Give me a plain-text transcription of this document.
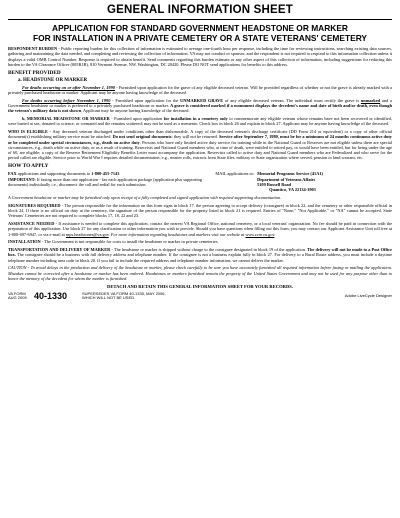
GENERAL INFORMATION SHEET
APPLICATION FOR STANDARD GOVERNMENT HEADSTONE OR MARKER
FOR INSTALLATION IN A PRIVATE CEMETERY OR A STATE VETERANS' CEMETERY

RESPONDENT BURDEN - Public reporting burden for this collection of information is estimated to average one-fourth hour per response, including the time for reviewing instructions, searching existing data sources, gathering and maintaining the data needed, and completing and reviewing the collection of information. VA may not conduct or sponsor, and the respondent is not required to respond to this information collection unless it displays a valid OMB Control Number. Response is required to obtain benefit. Send comments regarding this burden estimate or any other aspect of this collection of information, including suggestions for reducing this burden to the VA Clearance Officer (005R1B), 810 Vermont Avenue, NW, Washington, DC 20420. Please DO NOT send applications for benefits to this address.

BENEFIT PROVIDED
a. HEADSTONE OR MARKER

For deaths occurring on or after November 1, 1990 - Furnished upon application for the grave of any eligible deceased veteran. Will be provided regardless of whether or not the grave is already marked with a privately purchased headstone or marker. Applicant may be anyone having knowledge of the deceased.

For deaths occurring before November 1, 1990 - Furnished upon application for the UNMARKED GRAVE of any eligible deceased veteran. The individual must certify the grave is unmarked and a Government headstone or marker is preferred to a privately purchased headstone or marker. A grave is considered marked if a monument displays the decedent's name and date of birth and/or death, even though the veteran's military data is not shown. Applicant may be anyone having knowledge of the deceased.

b. MEMORIAL HEADSTONE OR MARKER - Furnished upon application for installation in a cemetery only to commemorate any eligible veteran whose remains have not been recovered or identified, were buried at sea, donated to science, or cremated and the remains scattered; may not be used as a memento. Check box in block 26 and explain in block 27. Applicant may be anyone having knowledge of the deceased.

WHO IS ELIGIBLE - Any deceased veteran discharged under conditions other than dishonorable. A copy of the deceased veteran's discharge certificate (DD Form 214 or equivalent) or a copy of other official document(s) establishing military service must be attached. Do not send original documents; they will not be returned. Service after September 7, 1980, must be for a minimum of 24 months continuous active duty or be completed under special circumstances, e.g., death on active duty. Persons who have only limited active duty service for training while in the National Guard or Reserves are not eligible unless there are special circumstances, e.g., death while on active duty, or as a result of training. Reservists and National Guard members who, at time of death, were entitled to retired pay, or would have been entitled, but for being under the age of 60, are eligible; a copy of the Reserve Retirement Eligibility Benefits Letter must accompany the application. Reservists called to active duty and National Guard members who are Federalized and who serve for the period called are eligible. Service prior to World War I requires detailed documentation, e.g., muster rolls, extracts from State files, military or State organization where served, pension or land warrant, etc.

HOW TO APPLY
FAX applications and supporting documents to 1-800-455-7143
IMPORTANT: If faxing more than one application - fax each application package (application plus supporting documents) individually i.e., disconnect the call and redial for each submission.
MAIL applications to: Memorial Programs Service (41A1)
Department of Veterans Affairs
5109 Russell Road
Quantico, VA 22134-3903

A Government headstone or marker may be furnished only upon receipt of a fully completed and signed application with required supporting documentation.

SIGNATURES REQUIRED - The person responsible for the information on this form signs in block 17, the person agreeing to accept delivery (consignee) in block 22, and the cemetery or other responsible official in block 24. If there is no official on duty at the cemetery, the signature of the person responsible for the property listed in block 21 is required. Entries of "None," "Not Applicable," or "NA" cannot be accepted. State Veterans' Cemeteries are not required to complete blocks 17, 18, 22 and 23.

ASSISTANCE NEEDED - If assistance is needed to complete this application, contact the nearest VA Regional Office, national cemetery, or a local veterans' organization. No fee should be paid in connection with the preparation of this application. Use block 27 for any clarification or other information you wish to provide. Should you have questions when filling out this form, you may contact our Applicant Assistance Unit toll free at 1-800-697-6947, or via e-mail at mps.headstones@va.gov. For more information regarding headstones and markers visit our website at www.cem.va.gov.

INSTALLATION - The Government is not responsible for costs to install the headstone or marker in private cemeteries.

TRANSPORTATION AND DELIVERY OF MARKER - The headstone or marker is shipped without charge to the consignee designated in block 19 of the application. The delivery will not be made to a Post Office box. The consignee should be a business with full delivery address and telephone number. If the consignee is not a business explain fully in block 27. For delivery to a Rural Route address, you must include a daytime telephone number including area code in block 20. If you fail to include the required address and telephone number information, we cannot deliver the marker.

CAUTION - To avoid delays in the production and delivery of the headstone or marker, please check carefully to be sure you have accurately furnished all required information before faxing or mailing the application. Mistakes cannot be corrected after a headstone or marker has been ordered. Headstones or markers furnished remain the property of the United States Government and may not be used for any purpose other than to honor the memory of the decedent for whom the marker is furnished.

DETACH AND RETAIN THIS GENERAL INFORMATION SHEET FOR YOUR RECORDS.
VA FORM
AUG 2009 40-1330	SUPERSEDES VA FORM 40-1330, MAY 2006,
WHICH WILL NOT BE USED.	Adobe LiveCycle Designer
